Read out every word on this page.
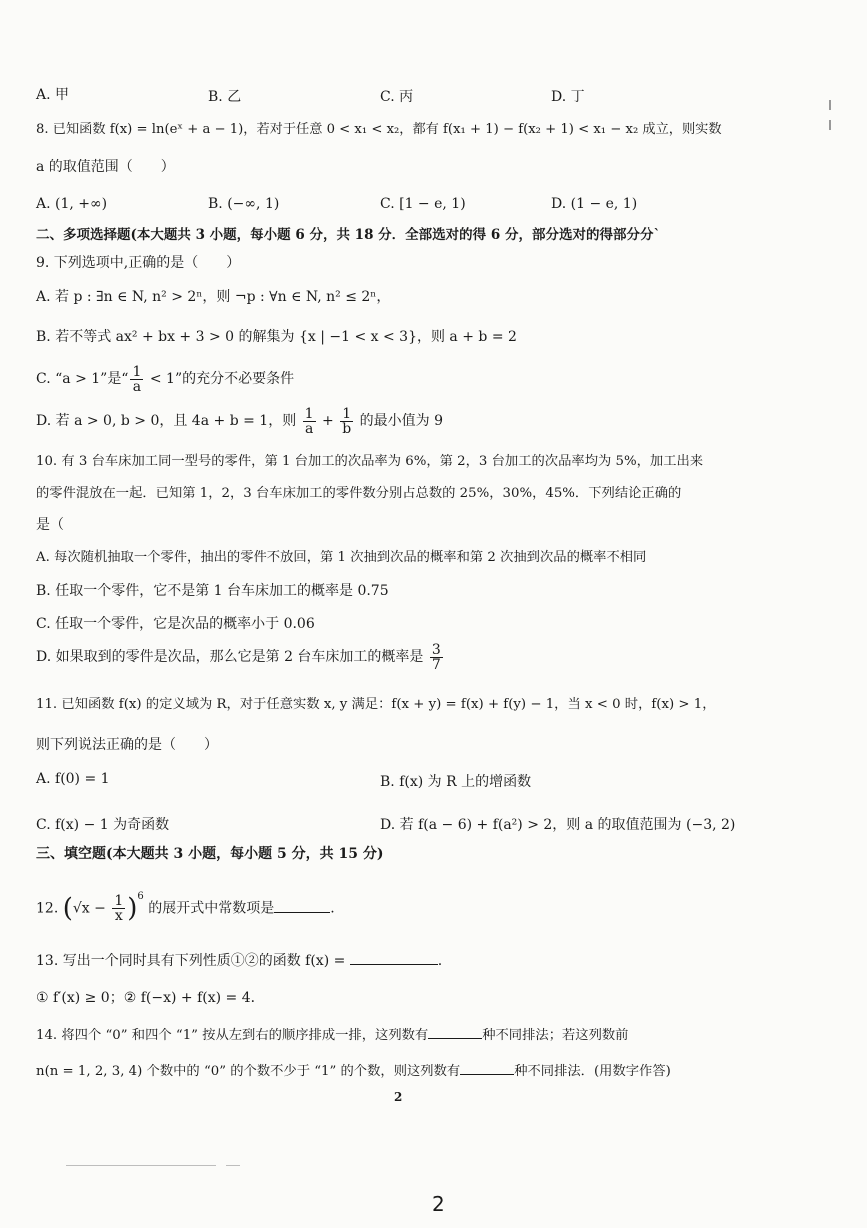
A. 甲	B. 乙	C. 丙	D. 丁
8. 已知函数 f(x) = ln(eˣ + a − 1)，若对于任意 0 < x₁ < x₂，都有 f(x₁ + 1) − f(x₂ + 1) < x₁ − x₂ 成立，则实数
a 的取值范围（　　）
A. (1, +∞)	B. (−∞, 1)	C. [1 − e, 1)	D. (1 − e, 1)
二、多项选择题(本大题共 3 小题，每小题 6 分，共 18 分．全部选对的得 6 分，部分选对的得部分分`
9. 下列选项中,正确的是（　　）
A. 若 p : ∃n ∈ N, n² > 2ⁿ，则 ¬p : ∀n ∈ N, n² ≤ 2ⁿ，
B. 若不等式 ax² + bx + 3 > 0 的解集为 {x | −1 < x < 3}，则 a + b = 2
C. “a > 1”是“ $\frac{1}{a} < 1$”的充分不必要条件
D. 若 a > 0, b > 0，且 4a + b = 1，则 $\frac{1}{a} + \frac{1}{b}$ 的最小值为 9
10. 有 3 台车床加工同一型号的零件，第 1 台加工的次品率为 6%，第 2，3 台加工的次品率均为 5%，加工出来
的零件混放在一起．已知第 1，2，3 台车床加工的零件数分别占总数的 25%，30%，45%．下列结论正确的
是（
A. 每次随机抽取一个零件，抽出的零件不放回，第 1 次抽到次品的概率和第 2 次抽到次品的概率不相同
B. 任取一个零件，它不是第 1 台车床加工的概率是 0.75
C. 任取一个零件，它是次品的概率小于 0.06
D. 如果取到的零件是次品，那么它是第 2 台车床加工的概率是 $\frac{3}{7}$
11. 已知函数 f(x) 的定义域为 R，对于任意实数 x, y 满足：f(x + y) = f(x) + f(y) − 1，当 x < 0 时，f(x) > 1，
则下列说法正确的是（　　）
A. f(0) = 1	B. f(x) 为 R 上的增函数
C. f(x) − 1 为奇函数	D. 若 f(a − 6) + f(a²) > 2，则 a 的取值范围为 (−3, 2)
三、填空题(本大题共 3 小题，每小题 5 分，共 15 分)
12. $(√x - \frac{1}{x} )^6$ 的展开式中常数项是	.
13. 写出一个同时具有下列性质①②的函数 f(x) =	.
① f′(x) ≥ 0；② f(−x) + f(x) = 4．
14. 将四个 “0” 和四个 “1” 按从左到右的顺序排成一排，这列数有	种不同排法；若这列数前
n(n = 1, 2, 3, 4) 个数中的 “0” 的个数不少于 “1” 的个数，则这列数有	种不同排法．(用数字作答)
2
2
